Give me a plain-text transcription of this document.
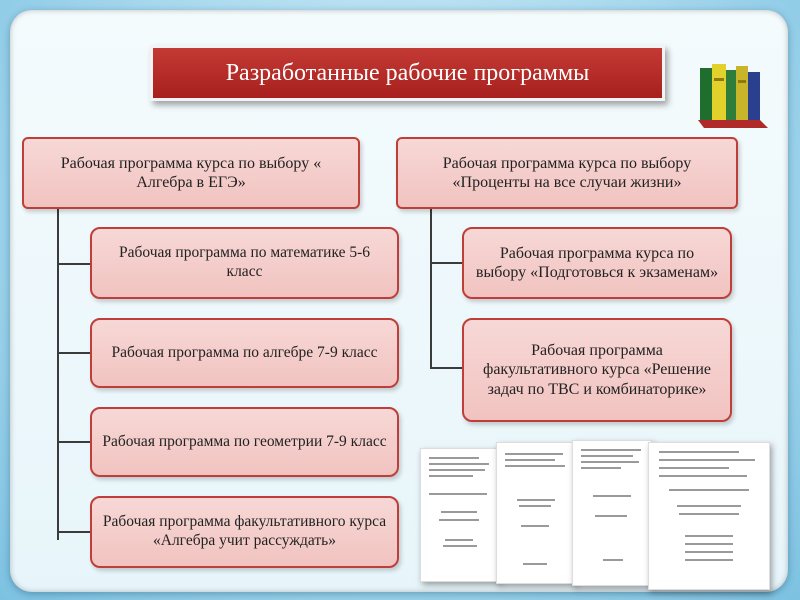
Разработанные рабочие программы
Рабочая программа курса по выбору « Алгебра в ЕГЭ»
Рабочая программа по математике 5-6 класс
Рабочая программа по алгебре 7-9 класс
Рабочая программа по геометрии 7-9 класс
Рабочая программа факультативного курса «Алгебра учит рассуждать»
Рабочая программа курса по выбору «Проценты на все случаи жизни»
Рабочая программа курса по выбору «Подготовься к экзаменам»
Рабочая программа факультативного курса «Решение задач по ТВС и комбинаторике»
